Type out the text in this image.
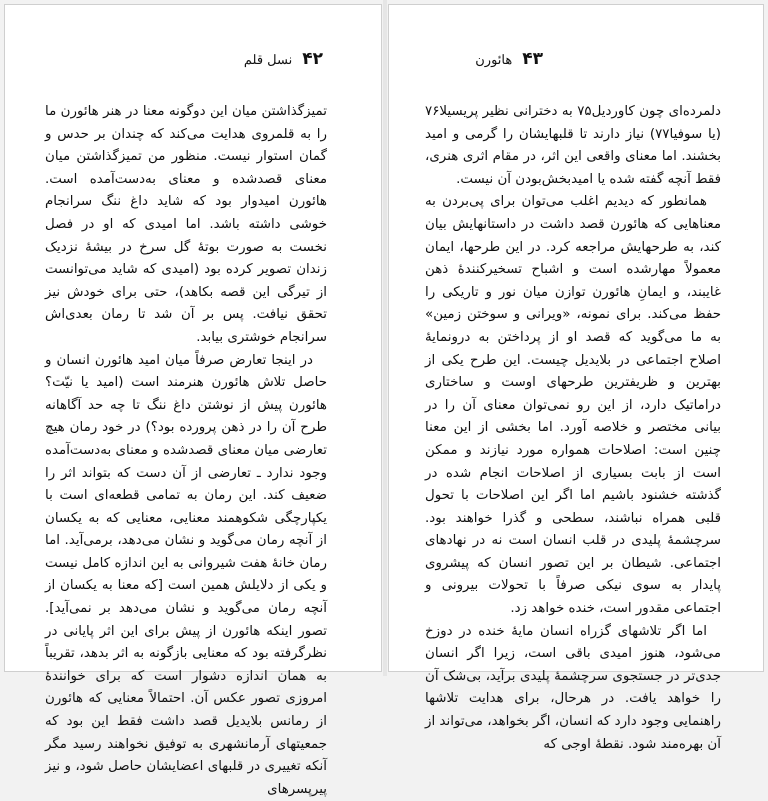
۴۲
نسل قلم

تمیزگذاشتن میان این دوگونه معنا در هنر هائورن ما را به قلمروی هدایت می‌کند که چندان بر حدس و گمان استوار نیست. منظور من تمیزگذاشتن میان معنای قصدشده و معنای به‌دست‌آمده است. هائورن امیدوار بود که شاید داغ ننگ سرانجام خوشی داشته باشد. اما امیدی که او در فصل نخست به صورت بوتهٔ گل سرخ در بیشهٔ نزدیک زندان تصویر کرده بود (امیدی که شاید می‌توانست از تیرگی این قصه بکاهد)، حتی برای خودش نیز تحقق نیافت. پس بر آن شد تا رمان بعدی‌اش سرانجام خوشتری بیابد.

در اینجا تعارض صرفاً میان امید هائورن انسان و حاصل تلاش هائورن هنرمند است (امید یا نیّت؟ هائورن پیش از نوشتن داغ ننگ تا چه حد آگاهانه طرح آن را در ذهن پرورده بود؟) در خود رمان هیچ تعارضی میان معنای قصدشده و معنای به‌دست‌آمده وجود ندارد ـ تعارضی از آن دست که بتواند اثر را ضعیف کند. این رمان به تمامی قطعه‌ای است با یکپارچگی شکوهمند معنایی، معنایی که به یکسان از آنچه رمان می‌گوید و نشان می‌دهد، برمی‌آید. اما رمان خانهٔ هفت شیروانی به این اندازه کامل نیست و یکی از دلایلش همین است [که معنا به یکسان از آنچه رمان می‌گوید و نشان می‌دهد بر نمی‌آید]. تصور اینکه هائورن از پیش برای این اثر پایانی در نظرگرفته بود که معنایی بازگونه به اثر بدهد، تقریباً به همان اندازه دشوار است که برای خوانندهٔ امروزی تصور عکس آن. احتمالاً معنایی که هائورن از رمانس بلایدیل قصد داشت فقط این بود که جمعیتهای آرمانشهری به توفیق نخواهند رسید مگر آنکه تغییری در قلبهای اعضایشان حاصل شود، و نیز پیرپسرهای

۴۳
هائورن

دلمرده‌ای چون کاوردیل۷۵ به دخترانی نظیر پریسیلا۷۶ (یا سوفیا۷۷) نیاز دارند تا قلبهایشان را گرمی و امید بخشند. اما معنای واقعی این اثر، در مقام اثری هنری، فقط آنچه گفته شده یا امیدبخش‌بودن آن نیست.

همانطور که دیدیم اغلب می‌توان برای پی‌بردن به معناهایی که هائورن قصد داشت در داستانهایش بیان کند، به طرحهایش مراجعه کرد. در این طرحها، ایمان معمولاً مهارشده است و اشباح تسخیرکنندهٔ ذهن غایبند، و ایمانِ هائورن توازن میان نور و تاریکی را حفظ می‌کند. برای نمونه، «ویرانی و سوختن زمین» به ما می‌گوید که قصد او از پرداختن به درونمایهٔ اصلاح اجتماعی در بلایدیل چیست. این طرح یکی از بهترین و ظریفترین طرحهای اوست و ساختاری دراماتیک دارد، از این رو نمی‌توان معنای آن را در بیانی مختصر و خلاصه آورد. اما بخشی از این معنا چنین است: اصلاحات همواره مورد نیازند و ممکن است از بابت بسیاری از اصلاحات انجام شده در گذشته خشنود باشیم اما اگر این اصلاحات با تحول قلبی همراه نباشند، سطحی و گذرا خواهند بود. سرچشمهٔ پلیدی در قلب انسان است نه در نهادهای اجتماعی. شیطان بر این تصور انسان که پیشروی پایدار به سوی نیکی صرفاً با تحولات بیرونی و اجتماعی مقدور است، خنده خواهد زد.

اما اگر تلاشهای گزراه انسان مایهٔ خنده در دوزخ می‌شود، هنوز امیدی باقی است، زیرا اگر انسان جدی‌تر در جستجوی سرچشمهٔ پلیدی برآید، بی‌شک آن را خواهد یافت. در هرحال، برای هدایت تلاشها راهنمایی وجود دارد که انسان، اگر بخواهد، می‌تواند از آن بهره‌مند شود. نقطهٔ اوجی که
